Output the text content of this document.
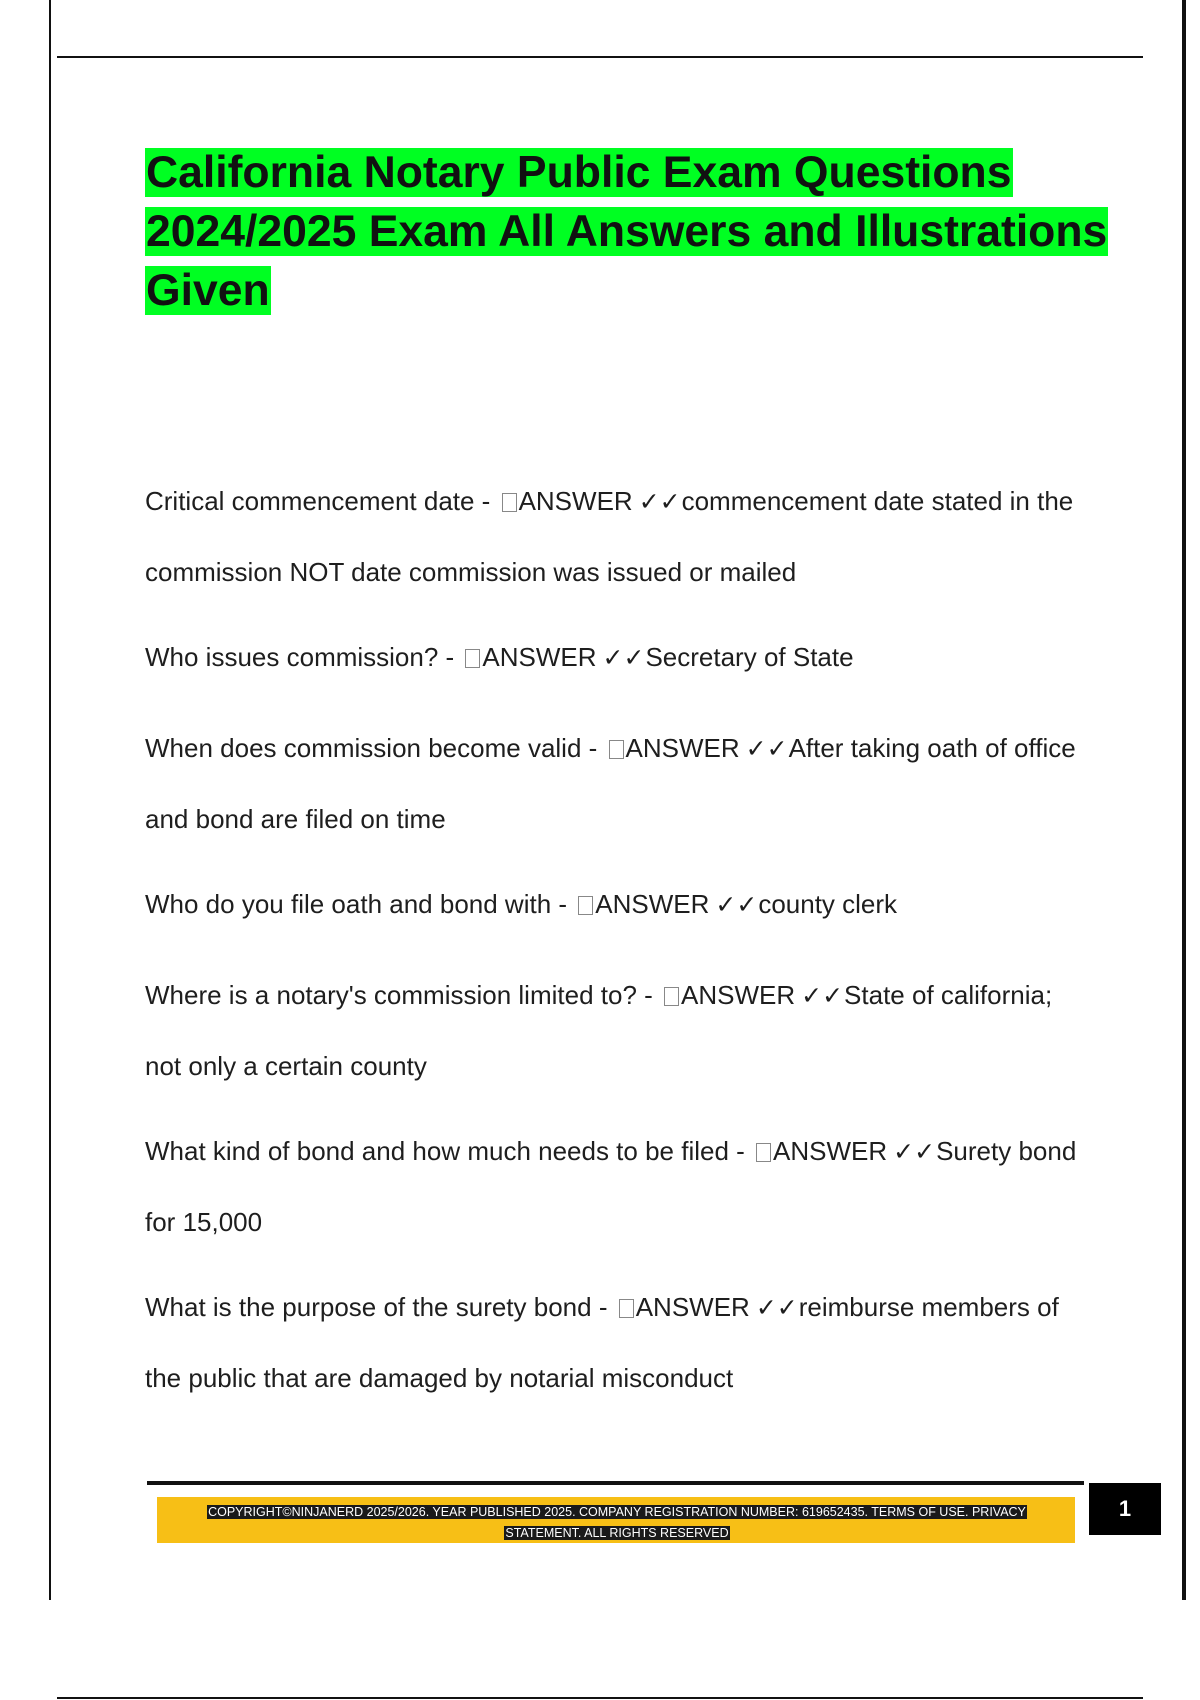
California Notary Public Exam Questions 2024/2025 Exam All Answers and Illustrations Given
Critical commencement date - ANSWER ✓✓commencement date stated in the commission NOT date commission was issued or mailed
Who issues commission? - ANSWER ✓✓Secretary of State
When does commission become valid - ANSWER ✓✓After taking oath of office and bond are filed on time
Who do you file oath and bond with - ANSWER ✓✓county clerk
Where is a notary's commission limited to? - ANSWER ✓✓State of california; not only a certain county
What kind of bond and how much needs to be filed - ANSWER ✓✓Surety bond for 15,000
What is the purpose of the surety bond - ANSWER ✓✓reimburse members of the public that are damaged by notarial misconduct
COPYRIGHT©NINJANERD 2025/2026. YEAR PUBLISHED 2025. COMPANY REGISTRATION NUMBER: 619652435. TERMS OF USE. PRIVACY STATEMENT. ALL RIGHTS RESERVED
1
